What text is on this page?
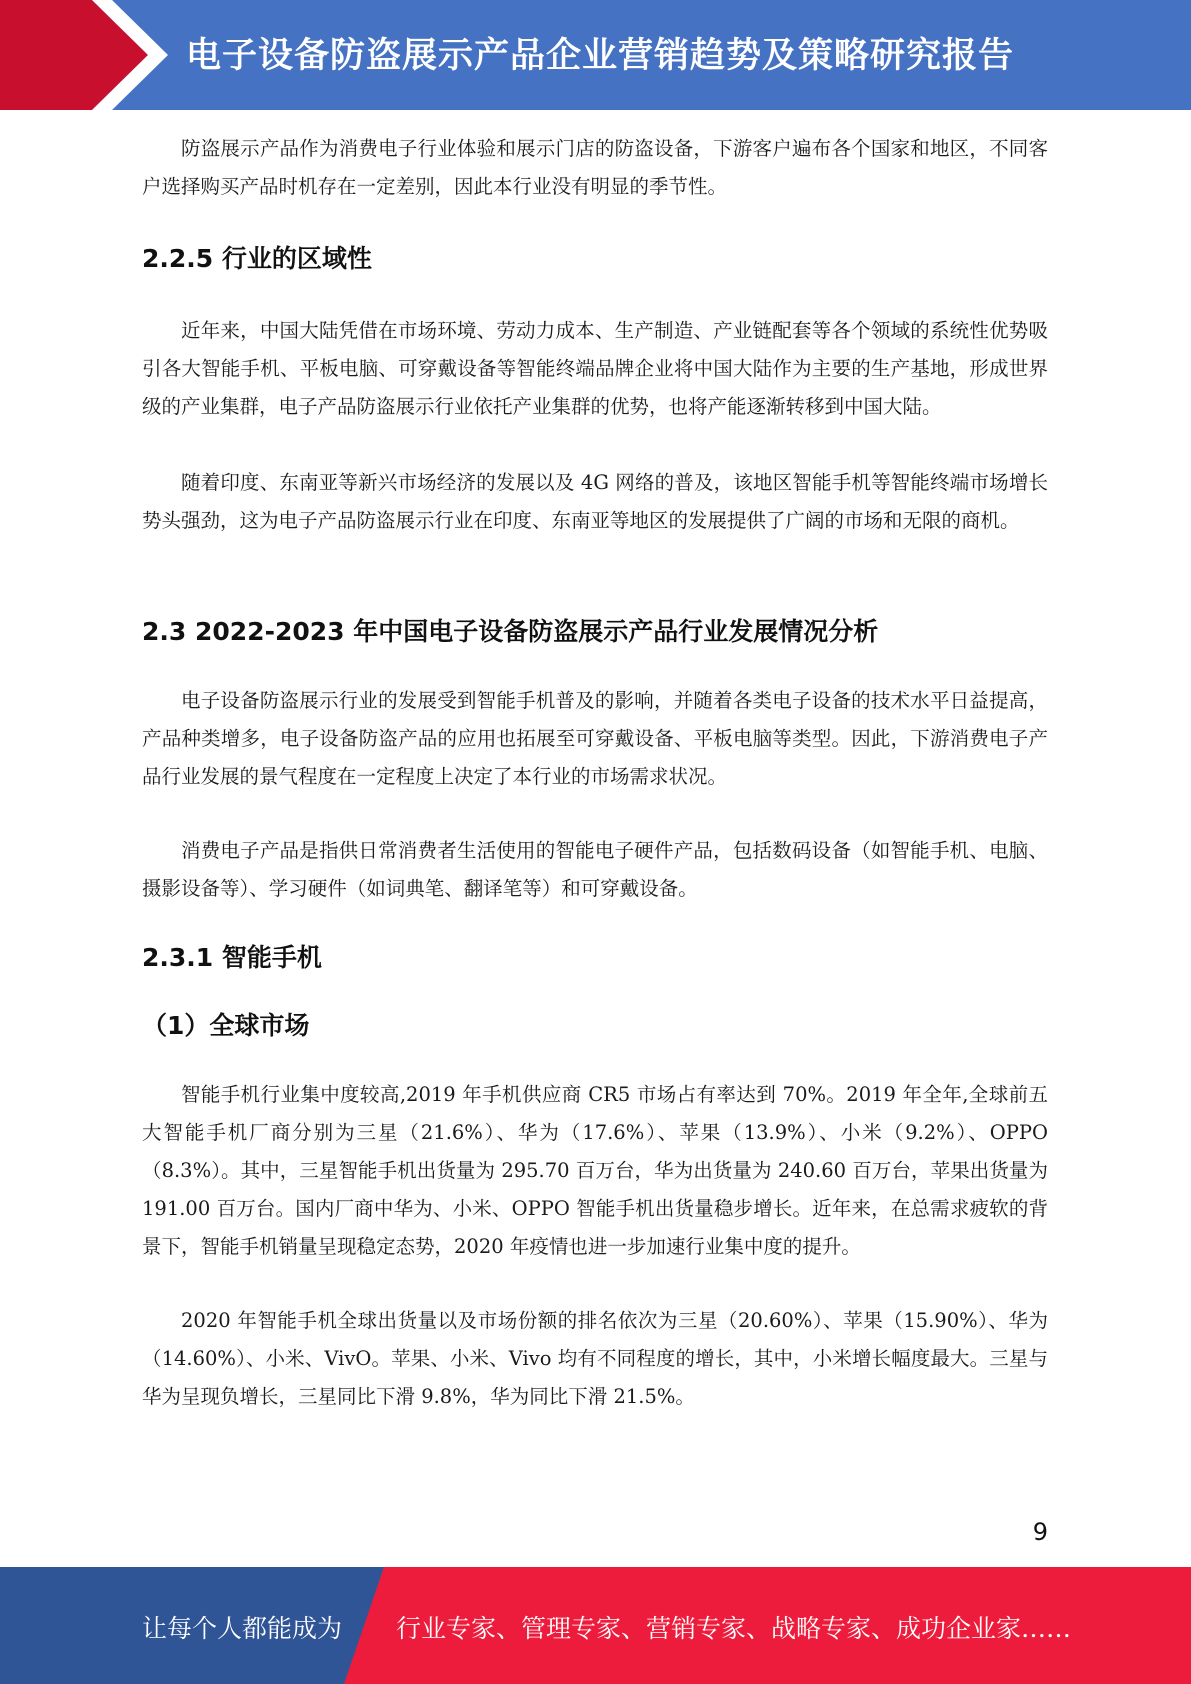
电子设备防盗展示产品企业营销趋势及策略研究报告

防盗展示产品作为消费电子行业体验和展示门店的防盗设备，下游客户遍布各个国家和地区，不同客户选择购买产品时机存在一定差别，因此本行业没有明显的季节性。

2.2.5 行业的区域性

近年来，中国大陆凭借在市场环境、劳动力成本、生产制造、产业链配套等各个领域的系统性优势吸引各大智能手机、平板电脑、可穿戴设备等智能终端品牌企业将中国大陆作为主要的生产基地，形成世界级的产业集群，电子产品防盗展示行业依托产业集群的优势，也将产能逐渐转移到中国大陆。

随着印度、东南亚等新兴市场经济的发展以及 4G 网络的普及，该地区智能手机等智能终端市场增长势头强劲，这为电子产品防盗展示行业在印度、东南亚等地区的发展提供了广阔的市场和无限的商机。

2.3 2022-2023 年中国电子设备防盗展示产品行业发展情况分析

电子设备防盗展示行业的发展受到智能手机普及的影响，并随着各类电子设备的技术水平日益提高，产品种类增多，电子设备防盗产品的应用也拓展至可穿戴设备、平板电脑等类型。因此，下游消费电子产品行业发展的景气程度在一定程度上决定了本行业的市场需求状况。

消费电子产品是指供日常消费者生活使用的智能电子硬件产品，包括数码设备（如智能手机、电脑、摄影设备等）、学习硬件（如词典笔、翻译笔等）和可穿戴设备。

2.3.1 智能手机
（1）全球市场

智能手机行业集中度较高,2019 年手机供应商 CR5 市场占有率达到 70%。2019 年全年,全球前五大智能手机厂商分别为三星（21.6%）、华为（17.6%）、苹果（13.9%）、小米（9.2%）、OPPO（8.3%）。其中，三星智能手机出货量为 295.70 百万台，华为出货量为 240.60 百万台，苹果出货量为 191.00 百万台。国内厂商中华为、小米、OPPO 智能手机出货量稳步增长。近年来，在总需求疲软的背景下，智能手机销量呈现稳定态势，2020 年疫情也进一步加速行业集中度的提升。

2020 年智能手机全球出货量以及市场份额的排名依次为三星（20.60%）、苹果（15.90%）、华为（14.60%）、小米、VivO。苹果、小米、Vivo 均有不同程度的增长，其中，小米增长幅度最大。三星与华为呈现负增长，三星同比下滑 9.8%，华为同比下滑 21.5%。

9
让每个人都能成为 行业专家、管理专家、营销专家、战略专家、成功企业家……
